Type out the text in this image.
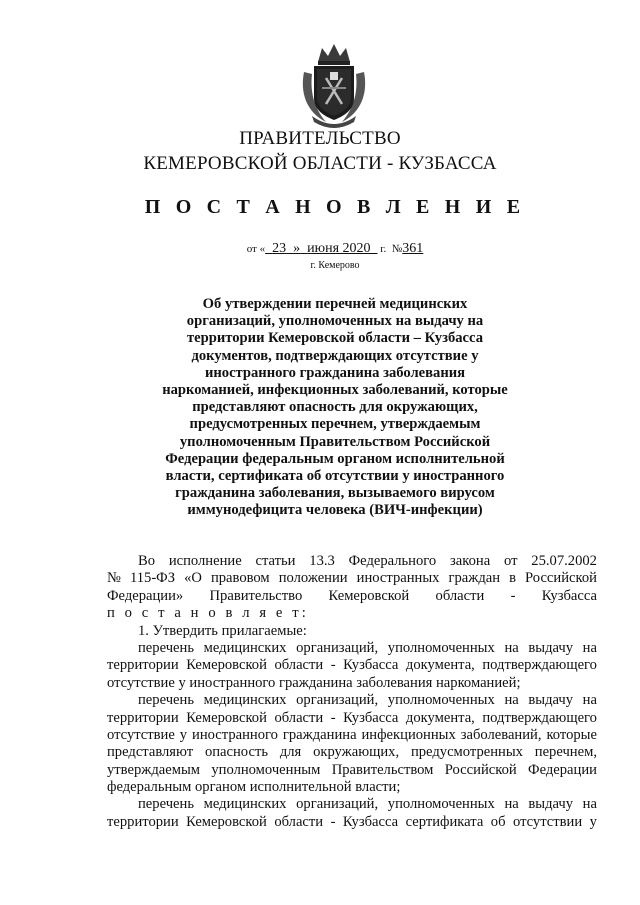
ПРАВИТЕЛЬСТВО
КЕМЕРОВСКОЙ ОБЛАСТИ - КУЗБАССА
П О С Т А Н О В Л Е Н И Е
от « 23 » июня 2020 г. №361
г. Кемерово
Об утверждении перечней медицинских
организаций, уполномоченных на выдачу на
территории Кемеровской области – Кузбасса
документов, подтверждающих отсутствие у
иностранного гражданина заболевания
наркоманией, инфекционных заболеваний, которые
представляют опасность для окружающих,
предусмотренных перечнем, утверждаемым
уполномоченным Правительством Российской
Федерации федеральным органом исполнительной
власти, сертификата об отсутствии у иностранного
гражданина заболевания, вызываемого вирусом
иммунодефицита человека (ВИЧ-инфекции)
Во исполнение статьи 13.3 Федерального закона от 25.07.2002
№ 115-ФЗ «О правовом положении иностранных граждан в Российской
Федерации» Правительство Кемеровской области - Кузбасса
п о с т а н о в л я е т:
1. Утвердить прилагаемые:
перечень медицинских организаций, уполномоченных на выдачу на
территории Кемеровской области - Кузбасса документа, подтверждающего
отсутствие у иностранного гражданина заболевания наркоманией;
перечень медицинских организаций, уполномоченных на выдачу на
территории Кемеровской области - Кузбасса документа, подтверждающего
отсутствие у иностранного гражданина инфекционных заболеваний, которые
представляют опасность для окружающих, предусмотренных перечнем,
утверждаемым уполномоченным Правительством Российской Федерации
федеральным органом исполнительной власти;
перечень медицинских организаций, уполномоченных на выдачу на
территории Кемеровской области - Кузбасса сертификата об отсутствии у
